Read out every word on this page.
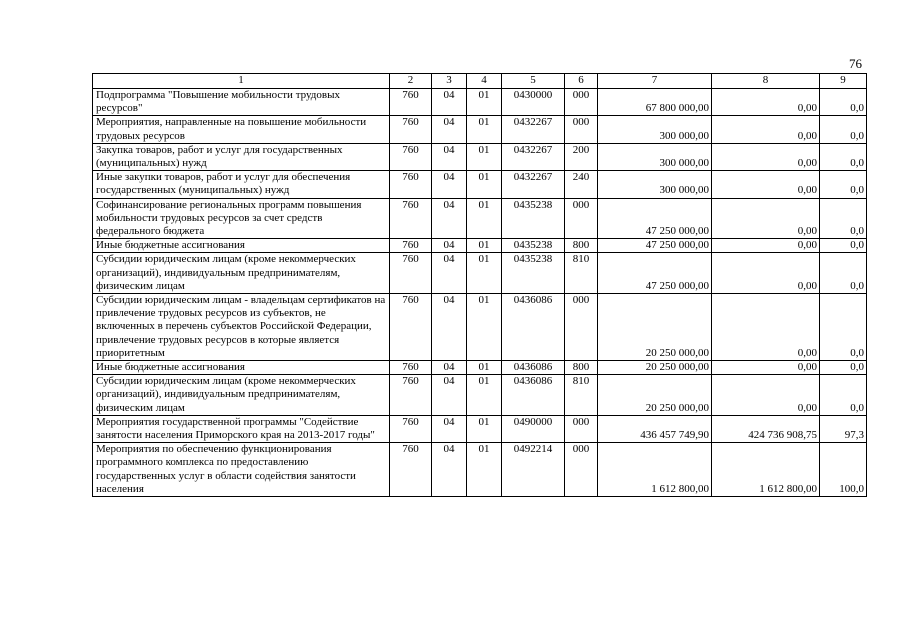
76
1	2	3	4	5	6	7	8	9
Подпрограмма "Повышение мобильности трудовых ресурсов"	760	04	01	0430000	000	67 800 000,00	0,00	0,0
Мероприятия, направленные на повышение мобильности трудовых ресурсов	760	04	01	0432267	000	300 000,00	0,00	0,0
Закупка товаров, работ и услуг для государственных (муниципальных) нужд	760	04	01	0432267	200	300 000,00	0,00	0,0
Иные закупки товаров, работ и услуг для обеспечения государственных (муниципальных) нужд	760	04	01	0432267	240	300 000,00	0,00	0,0
Софинансирование региональных программ повышения мобильности трудовых ресурсов за счет средств федерального бюджета	760	04	01	0435238	000	47 250 000,00	0,00	0,0
Иные бюджетные ассигнования	760	04	01	0435238	800	47 250 000,00	0,00	0,0
Субсидии юридическим лицам (кроме некоммерческих организаций), индивидуальным предпринимателям, физическим лицам	760	04	01	0435238	810	47 250 000,00	0,00	0,0
Субсидии юридическим лицам - владельцам сертификатов на привлечение трудовых ресурсов из субъектов, не включенных в перечень субъектов Российской Федерации, привлечение трудовых ресурсов в которые является приоритетным	760	04	01	0436086	000	20 250 000,00	0,00	0,0
Иные бюджетные ассигнования	760	04	01	0436086	800	20 250 000,00	0,00	0,0
Субсидии юридическим лицам (кроме некоммерческих организаций), индивидуальным предпринимателям, физическим лицам	760	04	01	0436086	810	20 250 000,00	0,00	0,0
Мероприятия государственной программы "Содействие занятости населения Приморского края на 2013-2017 годы"	760	04	01	0490000	000	436 457 749,90	424 736 908,75	97,3
Мероприятия по обеспечению функционирования программного комплекса по предоставлению государственных услуг в области содействия занятости населения	760	04	01	0492214	000	1 612 800,00	1 612 800,00	100,0
